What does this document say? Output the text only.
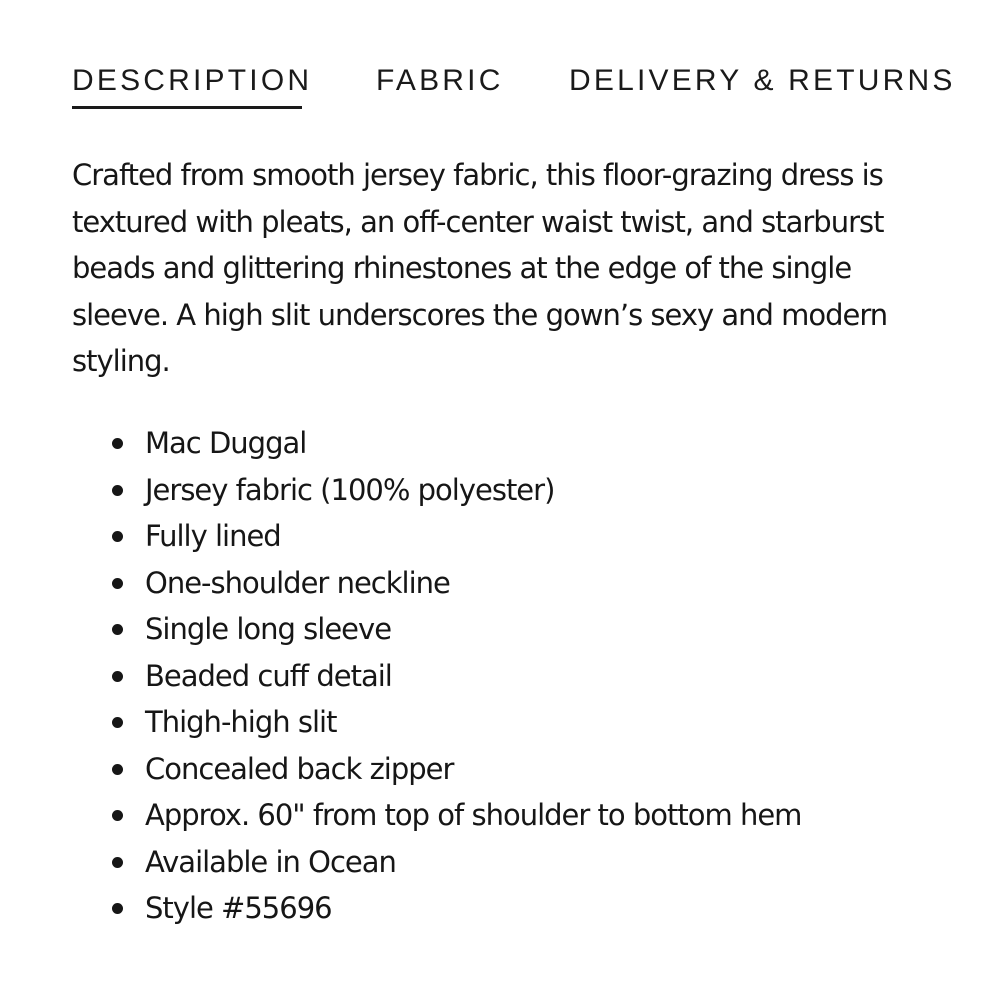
DESCRIPTION FABRIC DELIVERY & RETURNS

Crafted from smooth jersey fabric, this floor-grazing dress is textured with pleats, an off-center waist twist, and starburst beads and glittering rhinestones at the edge of the single sleeve. A high slit underscores the gown’s sexy and modern styling.

Mac Duggal
Jersey fabric (100% polyester)
Fully lined
One-shoulder neckline
Single long sleeve
Beaded cuff detail
Thigh-high slit
Concealed back zipper
Approx. 60" from top of shoulder to bottom hem
Available in Ocean
Style #55696
